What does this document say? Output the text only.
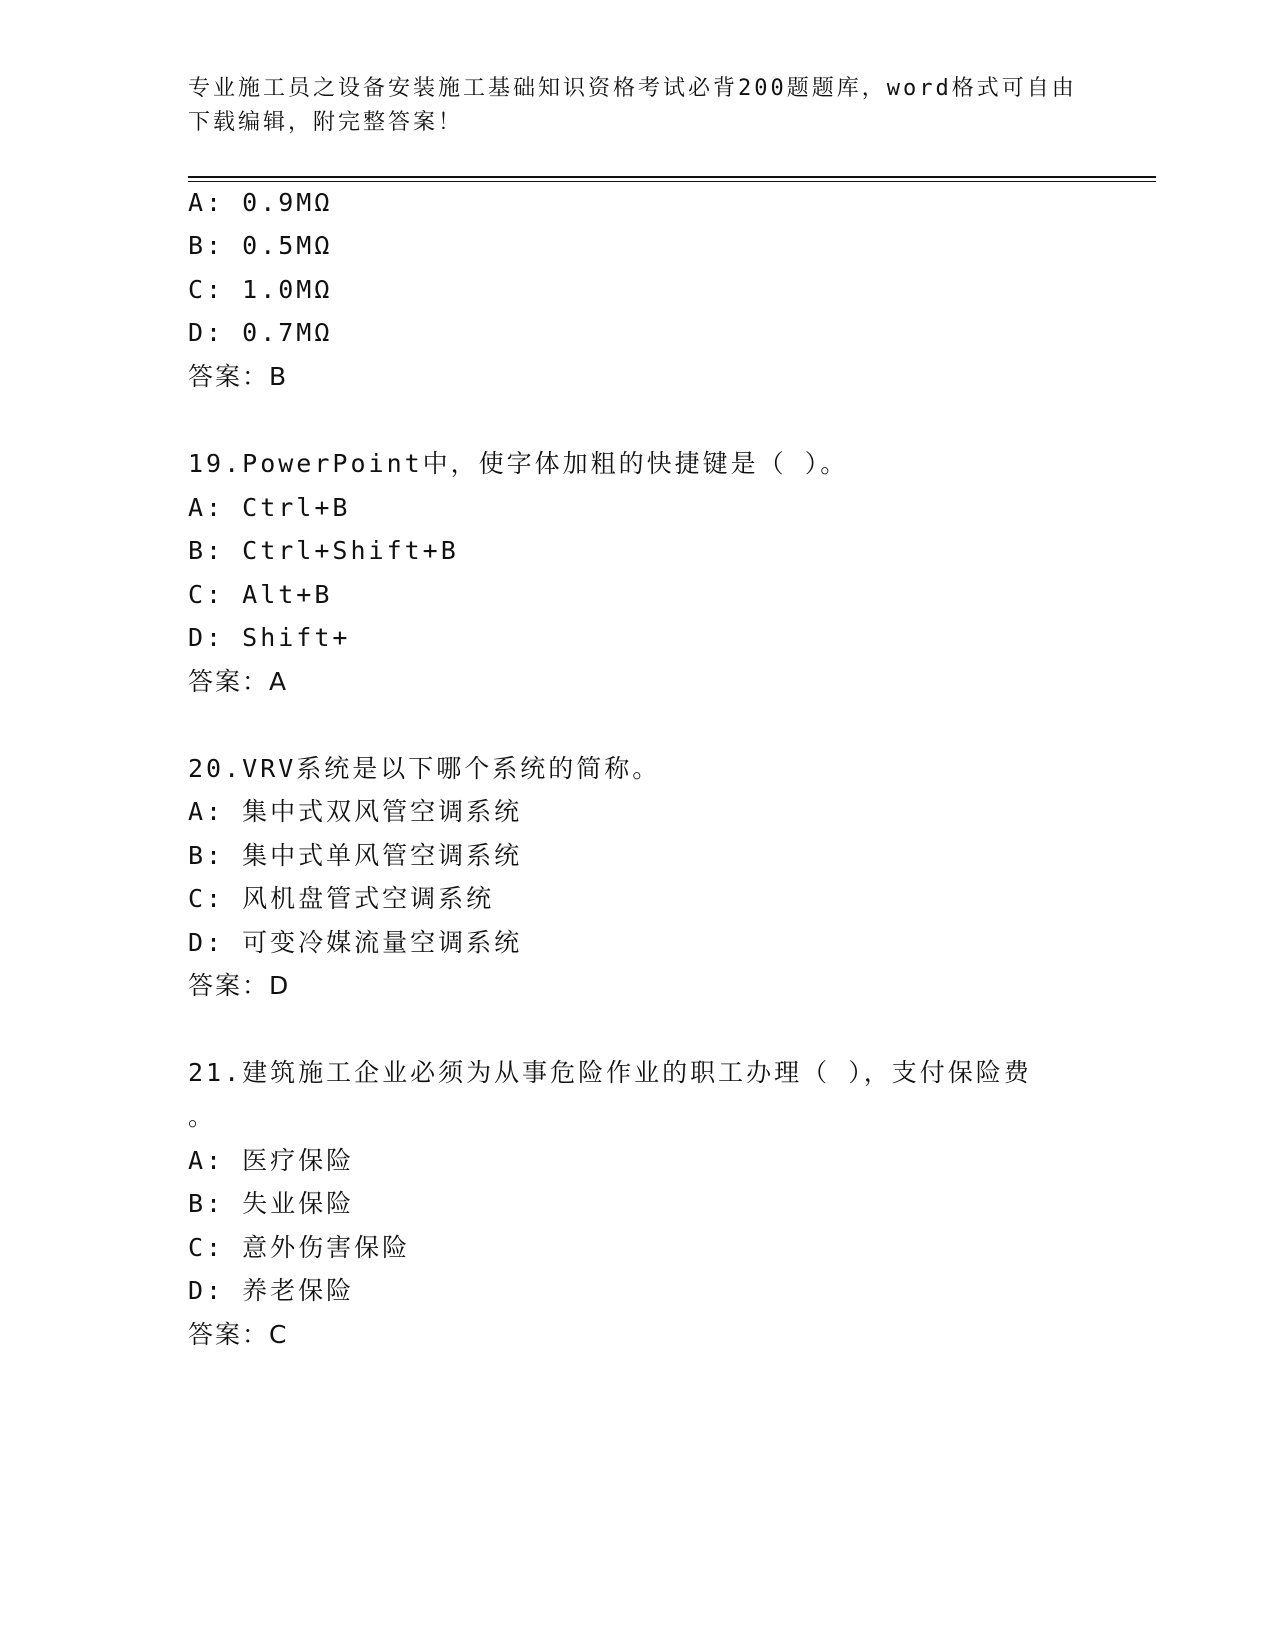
专业施工员之设备安装施工基础知识资格考试必背200题题库，word格式可自由
下载编辑，附完整答案！
A: 0.9MΩ
B: 0.5MΩ
C: 1.0MΩ
D: 0.7MΩ
答案：B
19.PowerPoint中，使字体加粗的快捷键是（ ）。
A: Ctrl+B
B: Ctrl+Shift+B
C: Alt+B
D: Shift+
答案：A
20.VRV系统是以下哪个系统的简称。
A: 集中式双风管空调系统
B: 集中式单风管空调系统
C: 风机盘管式空调系统
D: 可变冷媒流量空调系统
答案：D
21.建筑施工企业必须为从事危险作业的职工办理（ ），支付保险费
。
A: 医疗保险
B: 失业保险
C: 意外伤害保险
D: 养老保险
答案：C
